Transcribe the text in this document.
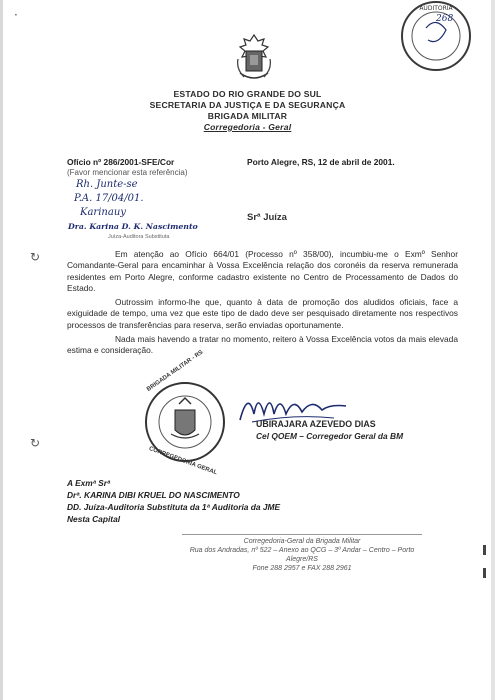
·
↻
↻
AUDITORIA
268
ESTADO DO RIO GRANDE DO SUL
SECRETARIA DA JUSTIÇA E DA SEGURANÇA
BRIGADA MILITAR
Corregedoria - Geral
Ofício nº 286/2001-SFE/Cor
(Favor mencionar esta referência)
Porto Alegre, RS, 12 de abril de 2001.
Rh. Junte-se
P.A. 17/04/01.
Karinauy
Dra. Karina D. K. Nascimento
Juíza-Auditora Substituta
Srª Juíza
Em atenção ao Ofício 664/01 (Processo nº 358/00), incumbiu-me o Exmº Senhor Comandante-Geral para encaminhar à Vossa Excelência relação dos coronéis da reserva remunerada residentes em Porto Alegre, conforme cadastro existente no Centro de Processamento de Dados do Estado.
Outrossim informo-lhe que, quanto à data de promoção dos aludidos oficiais, face a exiguidade de tempo, uma vez que este tipo de dado deve ser pesquisado diretamente nos respectivos processos de transferências para reserva, serão enviadas oportunamente.
Nada mais havendo a tratar no momento, reitero à Vossa Excelência votos da mais elevada estima e consideração.
BRIGADA MILITAR - RS
CORREGEDORIA GERAL
UBIRAJARA AZEVEDO DIAS
Cel QOEM – Corregedor Geral da BM
A Exmª Srª
Drª. KARINA DIBI KRUEL DO NASCIMENTO
DD. Juíza-Auditoria Substituta da 1ª Auditoria da JME
Nesta Capital
Corregedoria-Geral da Brigada Militar
Rua dos Andradas, nº 522 – Anexo ao QCG – 3º Andar – Centro – Porto Alegre/RS
Fone 288 2957 e FAX 288 2961
